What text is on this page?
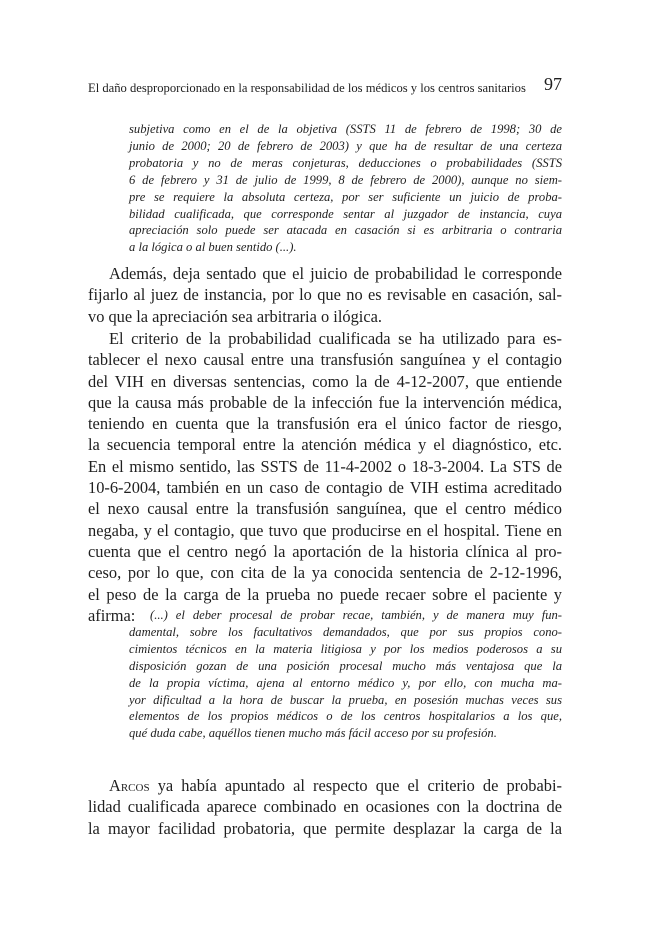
El daño desproporcionado en la responsabilidad de los médicos y los centros sanitarios	97
subjetiva como en el de la objetiva (SSTS 11 de febrero de 1998; 30 de
junio de 2000; 20 de febrero de 2003) y que ha de resultar de una certeza
probatoria y no de meras conjeturas, deducciones o probabilidades (SSTS
6 de febrero y 31 de julio de 1999, 8 de febrero de 2000), aunque no siem-
pre se requiere la absoluta certeza, por ser suficiente un juicio de proba-
bilidad cualificada, que corresponde sentar al juzgador de instancia, cuya
apreciación solo puede ser atacada en casación si es arbitraria o contraria
a la lógica o al buen sentido (...).
Además, deja sentado que el juicio de probabilidad le corresponde
fijarlo al juez de instancia, por lo que no es revisable en casación, sal-
vo que la apreciación sea arbitraria o ilógica.
El criterio de la probabilidad cualificada se ha utilizado para es-
tablecer el nexo causal entre una transfusión sanguínea y el contagio
del VIH en diversas sentencias, como la de 4-12-2007, que entiende
que la causa más probable de la infección fue la intervención médica,
teniendo en cuenta que la transfusión era el único factor de riesgo,
la secuencia temporal entre la atención médica y el diagnóstico, etc.
En el mismo sentido, las SSTS de 11-4-2002 o 18-3-2004. La STS de
10-6-2004, también en un caso de contagio de VIH estima acreditado
el nexo causal entre la transfusión sanguínea, que el centro médico
negaba, y el contagio, que tuvo que producirse en el hospital. Tiene en
cuenta que el centro negó la aportación de la historia clínica al pro-
ceso, por lo que, con cita de la ya conocida sentencia de 2-12-1996,
el peso de la carga de la prueba no puede recaer sobre el paciente y
afirma:	(...) el deber procesal de probar recae, también, y de manera muy fun-
damental, sobre los facultativos demandados, que por sus propios cono-
cimientos técnicos en la materia litigiosa y por los medios poderosos a su
disposición gozan de una posición procesal mucho más ventajosa que la
de la propia víctima, ajena al entorno médico y, por ello, con mucha ma-
yor dificultad a la hora de buscar la prueba, en posesión muchas veces sus
elementos de los propios médicos o de los centros hospitalarios a los que,
qué duda cabe, aquéllos tienen mucho más fácil acceso por su profesión.
Arcos ya había apuntado al respecto que el criterio de probabi-
lidad cualificada aparece combinado en ocasiones con la doctrina de
la mayor facilidad probatoria, que permite desplazar la carga de la
